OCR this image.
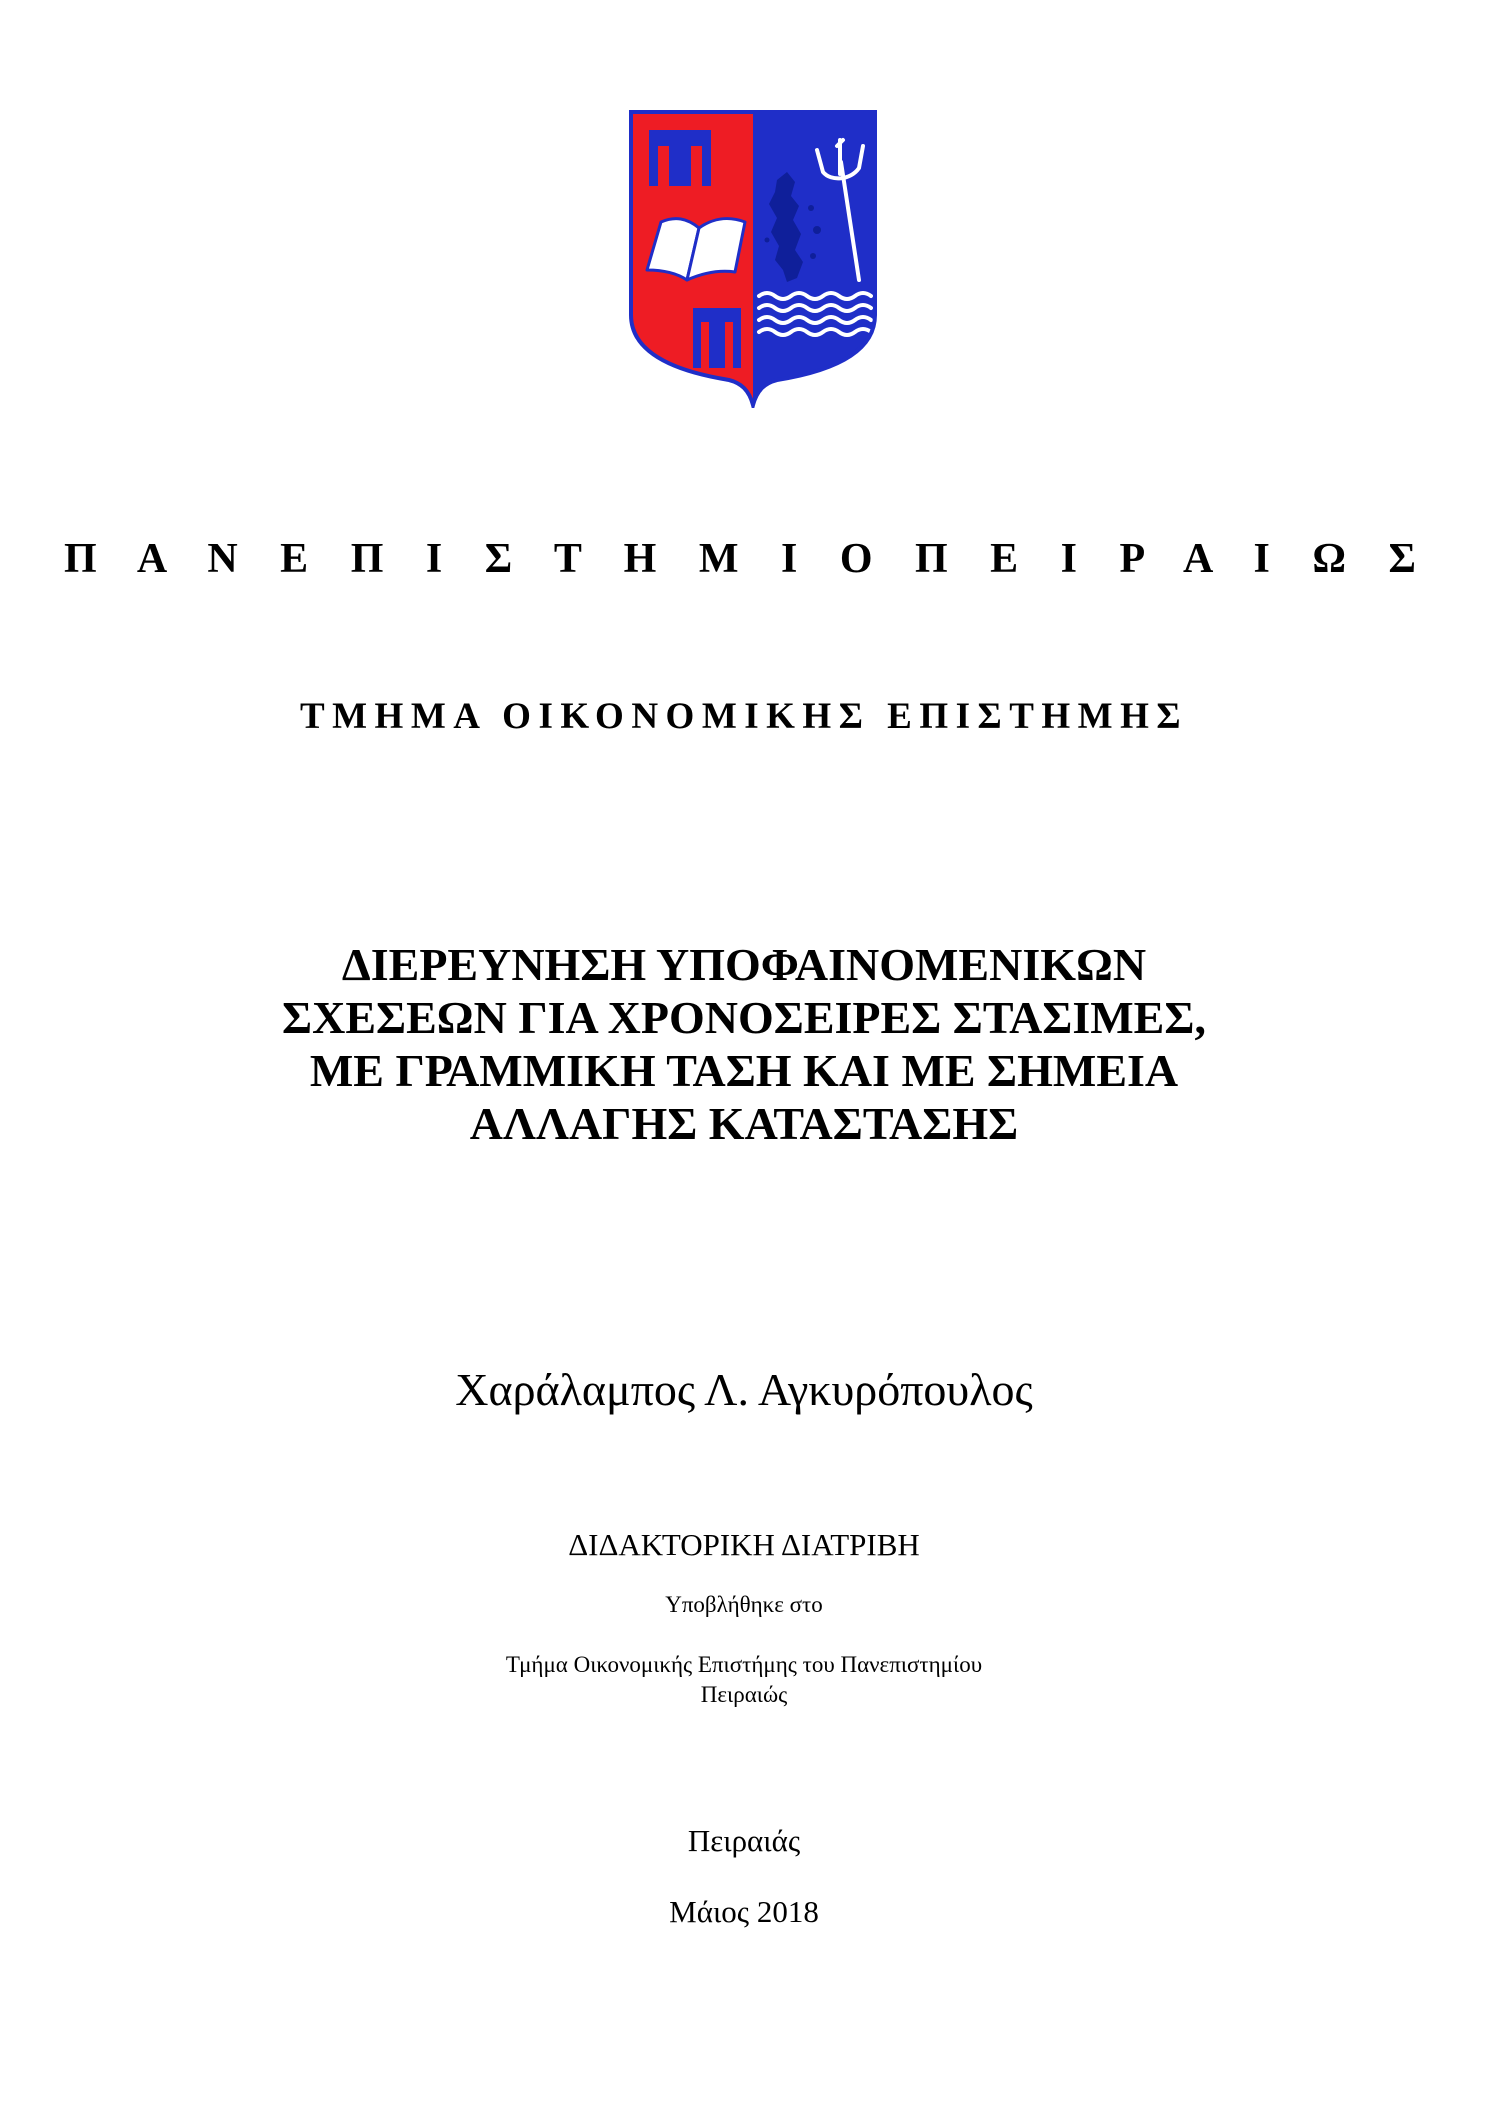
Π Α Ν Ε Π Ι Σ Τ Η Μ Ι Ο Π Ε Ι Ρ Α Ι Ω Σ
ΤΜΗΜΑ ΟΙΚΟΝΟΜΙΚΗΣ ΕΠΙΣΤΗΜΗΣ
ΔΙΕΡΕΥΝΗΣΗ ΥΠΟΦΑΙΝΟΜΕΝΙΚΩΝ
ΣΧΕΣΕΩΝ ΓΙΑ ΧΡΟΝΟΣΕΙΡΕΣ ΣΤΑΣΙΜΕΣ,
ΜΕ ΓΡΑΜΜΙΚΗ ΤΑΣΗ ΚΑΙ ΜΕ ΣΗΜΕΙΑ
ΑΛΛΑΓΗΣ ΚΑΤΑΣΤΑΣΗΣ
Χαράλαμπος Λ. Αγκυρόπουλος
ΔΙΔΑΚΤΟΡΙΚΗ ΔΙΑΤΡΙΒΗ
Υποβλήθηκε στο
Τμήμα Οικονομικής Επιστήμης του Πανεπιστημίου
Πειραιώς
Πειραιάς
Μάιος 2018
